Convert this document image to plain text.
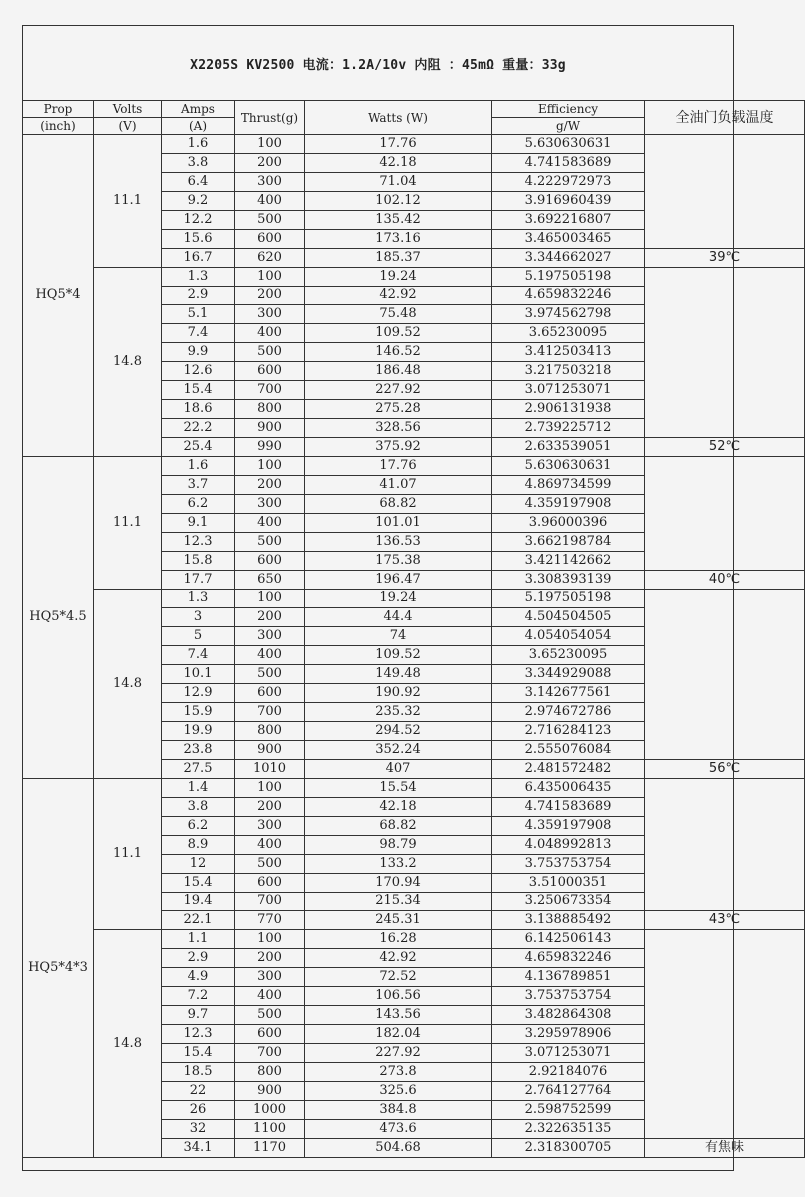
X2205S KV2500 电流：1.2A/10v 内阻 ：45mΩ 重量：33g
Prop	Volts	Amps	Thrust(g)	Watts (W)	Efficiency	全油门负载温度
(inch)	(V)	(A)			g/W	
HQ5*4	11.1	1.6	100	17.76	5.630630631	
		3.8	200	42.18	4.741583689	
		6.4	300	71.04	4.222972973	
		9.2	400	102.12	3.916960439	
		12.2	500	135.42	3.692216807	
		15.6	600	173.16	3.465003465	
		16.7	620	185.37	3.344662027	39℃
	14.8	1.3	100	19.24	5.197505198	
		2.9	200	42.92	4.659832246	
		5.1	300	75.48	3.974562798	
		7.4	400	109.52	3.65230095	
		9.9	500	146.52	3.412503413	
		12.6	600	186.48	3.217503218	
		15.4	700	227.92	3.071253071	
		18.6	800	275.28	2.906131938	
		22.2	900	328.56	2.739225712	
		25.4	990	375.92	2.633539051	52℃
HQ5*4.5	11.1	1.6	100	17.76	5.630630631	
		3.7	200	41.07	4.869734599	
		6.2	300	68.82	4.359197908	
		9.1	400	101.01	3.96000396	
		12.3	500	136.53	3.662198784	
		15.8	600	175.38	3.421142662	
		17.7	650	196.47	3.308393139	40℃
	14.8	1.3	100	19.24	5.197505198	
		3	200	44.4	4.504504505	
		5	300	74	4.054054054	
		7.4	400	109.52	3.65230095	
		10.1	500	149.48	3.344929088	
		12.9	600	190.92	3.142677561	
		15.9	700	235.32	2.974672786	
		19.9	800	294.52	2.716284123	
		23.8	900	352.24	2.555076084	
		27.5	1010	407	2.481572482	56℃
HQ5*4*3	11.1	1.4	100	15.54	6.435006435	
		3.8	200	42.18	4.741583689	
		6.2	300	68.82	4.359197908	
		8.9	400	98.79	4.048992813	
		12	500	133.2	3.753753754	
		15.4	600	170.94	3.51000351	
		19.4	700	215.34	3.250673354	
		22.1	770	245.31	3.138885492	43℃
	14.8	1.1	100	16.28	6.142506143	
		2.9	200	42.92	4.659832246	
		4.9	300	72.52	4.136789851	
		7.2	400	106.56	3.753753754	
		9.7	500	143.56	3.482864308	
		12.3	600	182.04	3.295978906	
		15.4	700	227.92	3.071253071	
		18.5	800	273.8	2.92184076	
		22	900	325.6	2.764127764	
		26	1000	384.8	2.598752599	
		32	1100	473.6	2.322635135	
		34.1	1170	504.68	2.318300705	有焦味
